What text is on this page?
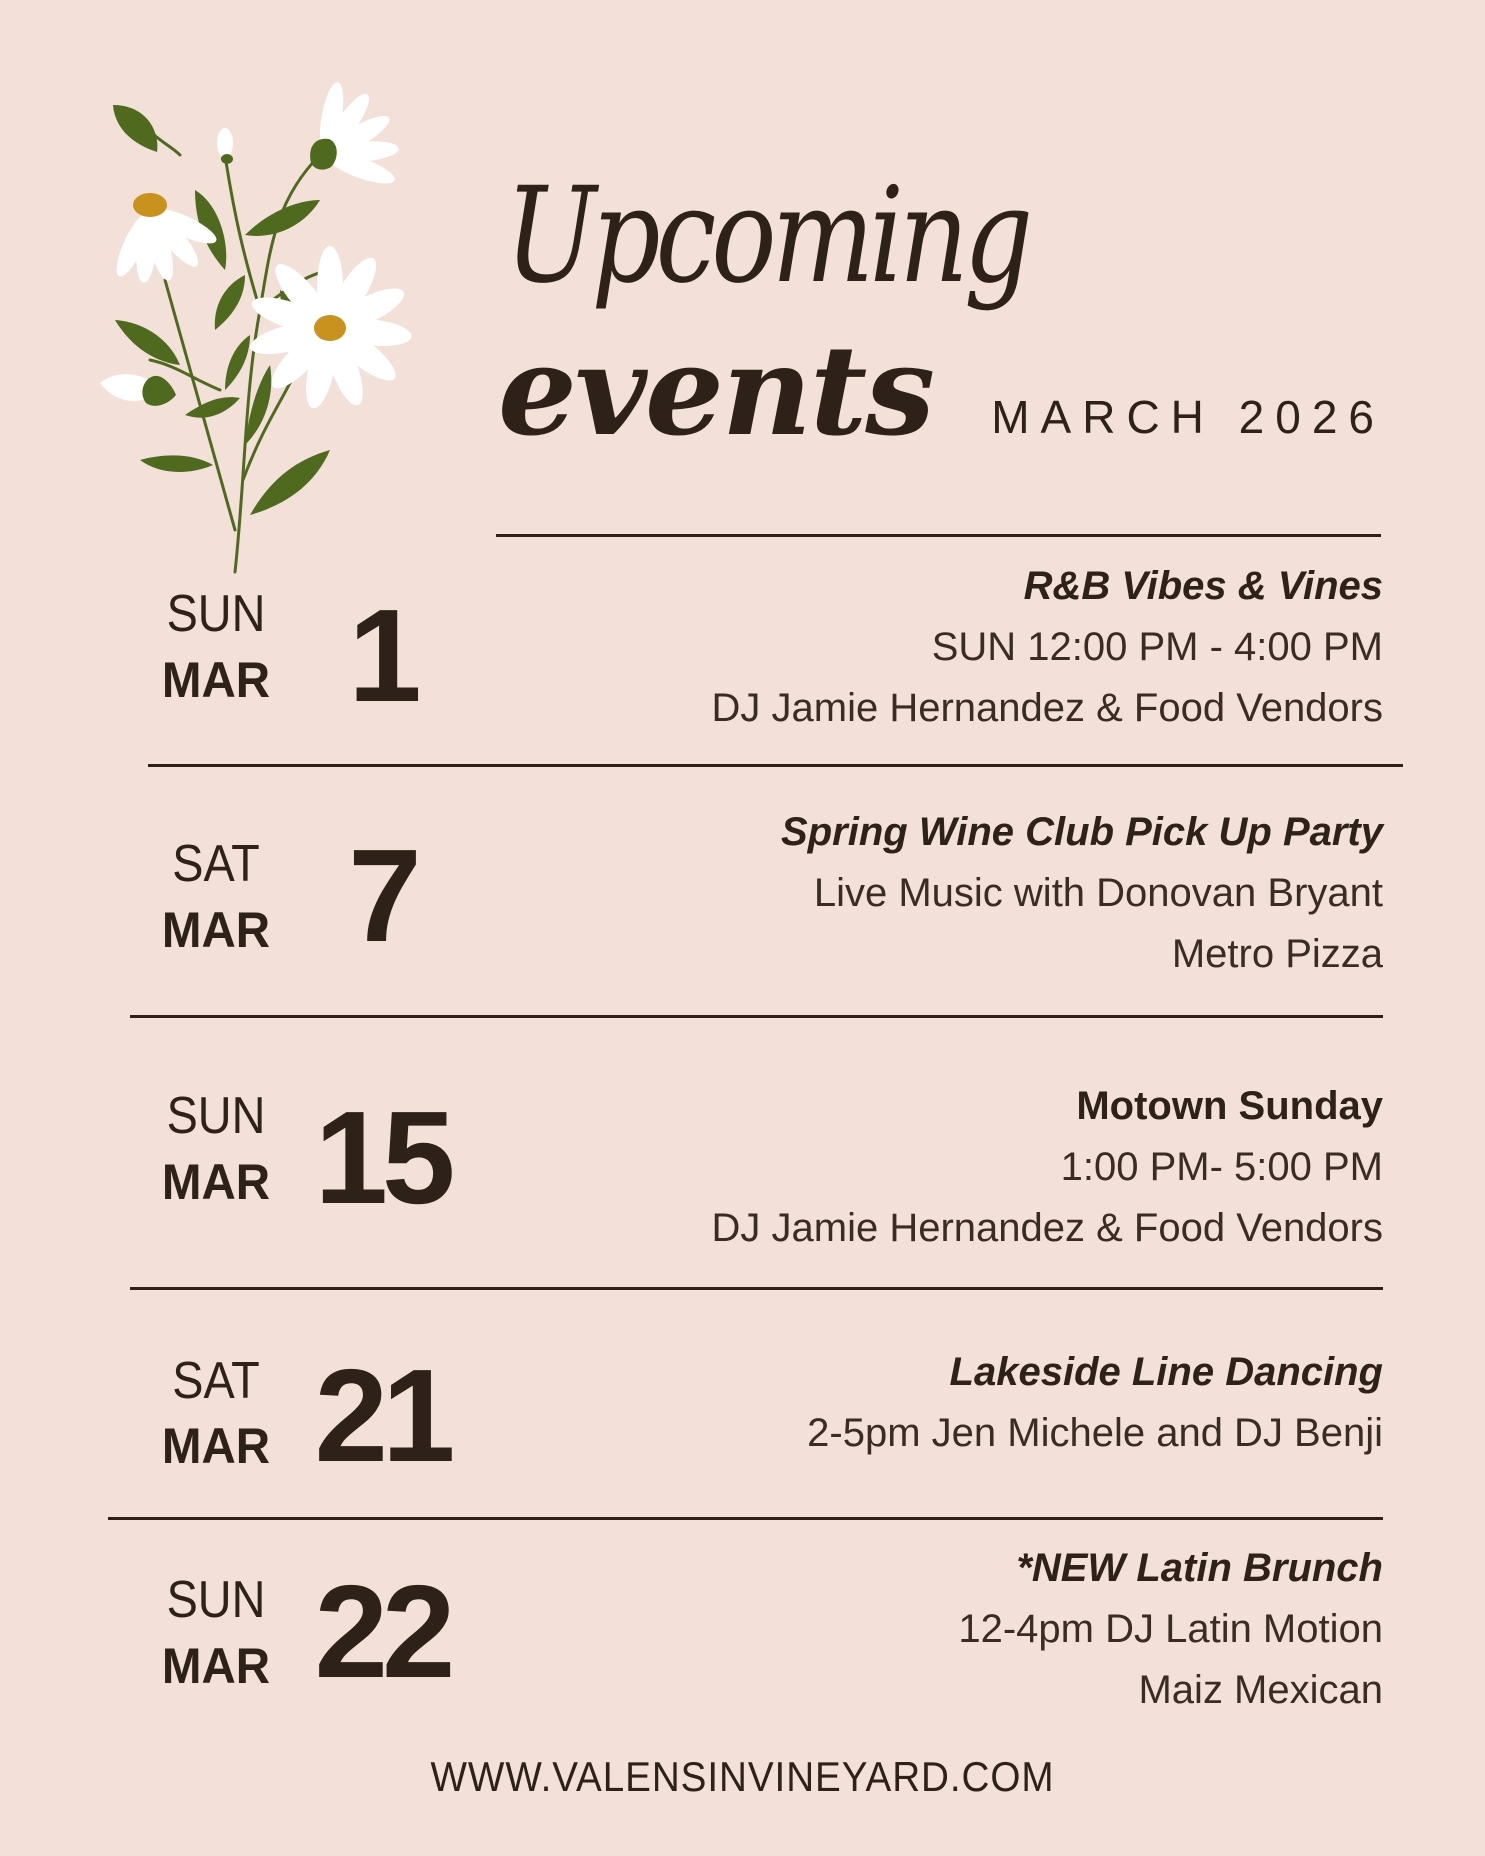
Upcoming
events MARCH 2026
SUN
MAR 1	R&B Vibes & Vines
SUN 12:00 PM - 4:00 PM
DJ Jamie Hernandez & Food Vendors
SAT
MAR 7	Spring Wine Club Pick Up Party
Live Music with Donovan Bryant
Metro Pizza
SUN
MAR 15	Motown Sunday
1:00 PM- 5:00 PM
DJ Jamie Hernandez & Food Vendors
SAT
MAR 21	Lakeside Line Dancing
2-5pm Jen Michele and DJ Benji
SUN
MAR 22	*NEW Latin Brunch
12-4pm DJ Latin Motion
Maiz Mexican
WWW.VALENSINVINEYARD.COM
